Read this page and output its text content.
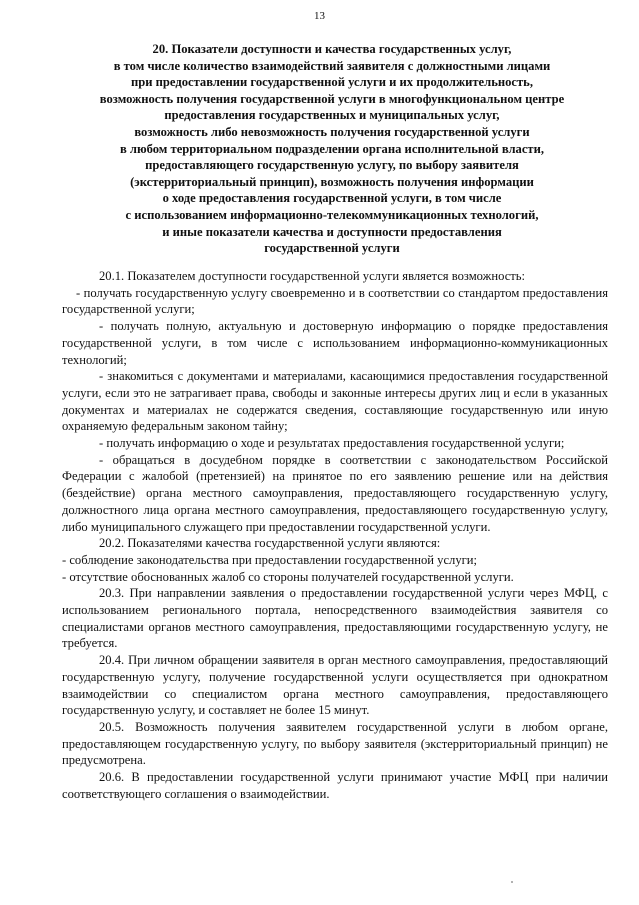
13
20. Показатели доступности и качества государственных услуг,
в том числе количество взаимодействий заявителя с должностными лицами
при предоставлении государственной услуги и их продолжительность,
возможность получения государственной услуги в многофункциональном центре
предоставления государственных и муниципальных услуг,
возможность либо невозможность получения государственной услуги
в любом территориальном подразделении органа исполнительной власти,
предоставляющего государственную услугу, по выбору заявителя
(экстерриториальный принцип), возможность получения информации
о ходе предоставления государственной услуги, в том числе
с использованием информационно-телекоммуникационных технологий,
и иные показатели качества и доступности предоставления
государственной услуги

20.1. Показателем доступности государственной услуги является возможность:

- получать государственную услугу своевременно и в соответствии со стандартом предоставления государственной услуги;

- получать полную, актуальную и достоверную информацию о порядке предоставления государственной услуги, в том числе с использованием информационно-коммуникационных технологий;

- знакомиться с документами и материалами, касающимися предоставления государственной услуги, если это не затрагивает права, свободы и законные интересы других лиц и если в указанных документах и материалах не содержатся сведения, составляющие государственную или иную охраняемую федеральным законом тайну;

- получать информацию о ходе и результатах предоставления государственной услуги;

- обращаться в досудебном порядке в соответствии с законодательством Российской Федерации с жалобой (претензией) на принятое по его заявлению решение или на действия (бездействие) органа местного самоуправления, предоставляющего государственную услугу, должностного лица органа местного самоуправления, предоставляющего государственную услугу, либо муниципального служащего при предоставлении государственной услуги.

20.2. Показателями качества государственной услуги являются:

- соблюдение законодательства при предоставлении государственной услуги;

- отсутствие обоснованных жалоб со стороны получателей государственной услуги.

20.3. При направлении заявления о предоставлении государственной услуги через МФЦ, с использованием регионального портала, непосредственного взаимодействия заявителя со специалистами органов местного самоуправления, предоставляющими государственную услугу, не требуется.

20.4. При личном обращении заявителя в орган местного самоуправления, предоставляющий государственную услугу, получение государственной услуги осуществляется при однократном взаимодействии со специалистом органа местного самоуправления, предоставляющего государственную услугу, и составляет не более 15 минут.

20.5. Возможность получения заявителем государственной услуги в любом органе, предоставляющем государственную услугу, по выбору заявителя (экстерриториальный принцип) не предусмотрена.

20.6. В предоставлении государственной услуги принимают участие МФЦ при наличии соответствующего соглашения о взаимодействии.
